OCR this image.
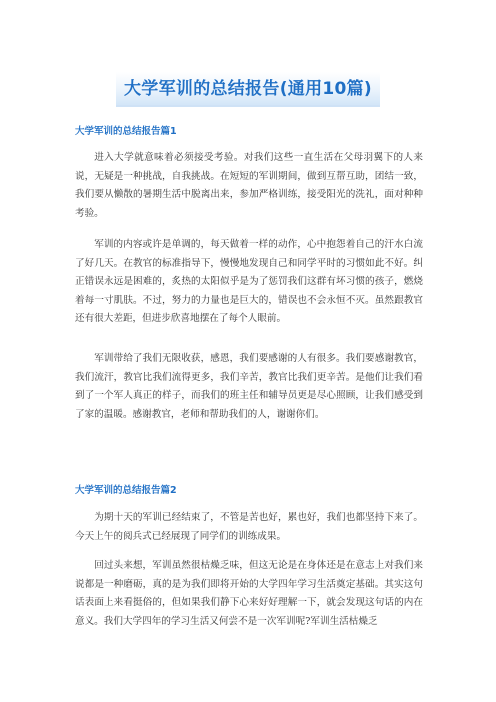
大学军训的总结报告(通用10篇)
大学军训的总结报告篇1

进入大学就意味着必须接受考验。对我们这些一直生活在父母羽翼下的人来说，无疑是一种挑战，自我挑战。在短短的军训期间，做到互帮互助，团结一致，我们要从懒散的暑期生活中脱离出来，参加严格训练，接受阳光的洗礼，面对种种考验。

军训的内容或许是单调的，每天做着一样的动作，心中抱怨着自己的汗水白流了好几天。在教官的标准指导下，慢慢地发现自己和同学平时的习惯如此不好。纠正错误永远是困难的，炙热的太阳似乎是为了惩罚我们这群有坏习惯的孩子，燃烧着每一寸肌肤。不过，努力的力量也是巨大的，错误也不会永恒不灭。虽然跟教官还有很大差距，但进步欣喜地摆在了每个人眼前。

军训带给了我们无限收获，感恩，我们要感谢的人有很多。我们要感谢教官，我们流汗，教官比我们流得更多，我们辛苦，教官比我们更辛苦。是他们让我们看到了一个军人真正的样子，而我们的班主任和辅导员更是尽心照顾，让我们感受到了家的温暖。感谢教官，老师和帮助我们的人，谢谢你们。

大学军训的总结报告篇2

为期十天的军训已经结束了，不管是苦也好，累也好，我们也都坚持下来了。今天上午的阅兵式已经展现了同学们的训练成果。

回过头来想，军训虽然很枯燥乏味，但这无论是在身体还是在意志上对我们来说都是一种磨砺，真的是为我们即将开始的大学四年学习生活奠定基础。其实这句话表面上来看挺俗的，但如果我们静下心来好好理解一下，就会发现这句话的内在意义。我们大学四年的学习生活又何尝不是一次军训呢?军训生活枯燥乏
